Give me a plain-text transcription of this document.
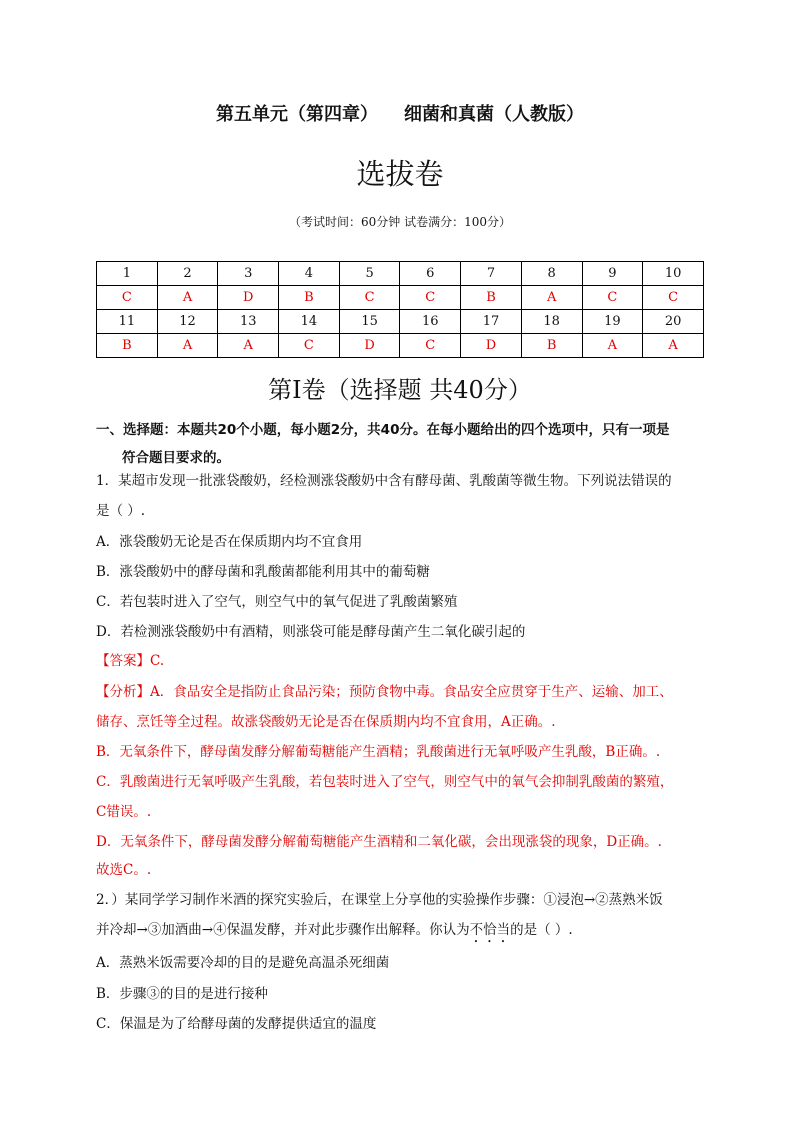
第五单元（第四章） 细菌和真菌（人教版）
选拔卷
（考试时间：60分钟 试卷满分：100分）
1	2	3	4	5	6	7	8	9	10
C	A	D	B	C	C	B	A	C	C
11	12	13	14	15	16	17	18	19	20
B	A	A	C	D	C	D	B	A	A
第Ⅰ卷（选择题 共40分）
一、选择题：本题共20个小题，每小题2分，共40分。在每小题给出的四个选项中，只有一项是
符合题目要求的。
1．某超市发现一批涨袋酸奶，经检测涨袋酸奶中含有酵母菌、乳酸菌等微生物。下列说法错误的
是（ ）.
A．涨袋酸奶无论是否在保质期内均不宜食用
B．涨袋酸奶中的酵母菌和乳酸菌都能利用其中的葡萄糖
C．若包装时进入了空气，则空气中的氧气促进了乳酸菌繁殖
D．若检测涨袋酸奶中有酒精，则涨袋可能是酵母菌产生二氧化碳引起的
【答案】C.
【分析】A．食品安全是指防止食品污染；预防食物中毒。食品安全应贯穿于生产、运输、加工、
储存、烹饪等全过程。故涨袋酸奶无论是否在保质期内均不宜食用，A正确。.
B．无氧条件下，酵母菌发酵分解葡萄糖能产生酒精；乳酸菌进行无氧呼吸产生乳酸，B正确。.
C．乳酸菌进行无氧呼吸产生乳酸，若包装时进入了空气，则空气中的氧气会抑制乳酸菌的繁殖，
C错误。.
D．无氧条件下，酵母菌发酵分解葡萄糖能产生酒精和二氧化碳，会出现涨袋的现象，D正确。.
故选C。.
2．）某同学学习制作米酒的探究实验后，在课堂上分享他的实验操作步骤：①浸泡→②蒸熟米饭
并冷却→③加酒曲→④保温发酵，并对此步骤作出解释。你认为不恰当的是（ ）.
A．蒸熟米饭需要冷却的目的是避免高温杀死细菌
B．步骤③的目的是进行接种
C．保温是为了给酵母菌的发酵提供适宜的温度
